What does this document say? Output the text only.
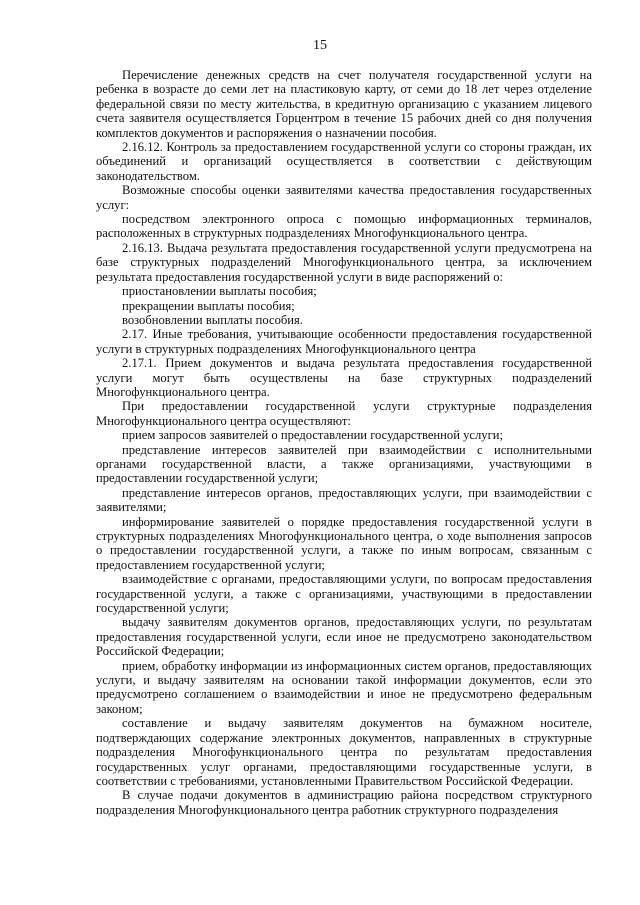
15

Перечисление денежных средств на счет получателя государственной услуги на ребенка в возрасте до семи лет на пластиковую карту, от семи до 18 лет через отделение федеральной связи по месту жительства, в кредитную организацию с указанием лицевого счета заявителя осуществляется Горцентром в течение 15 рабочих дней со дня получения комплектов документов и распоряжения о назначении пособия.

2.16.12. Контроль за предоставлением государственной услуги со стороны граждан, их объединений и организаций осуществляется в соответствии с действующим законодательством.

Возможные способы оценки заявителями качества предоставления государственных услуг:

посредством электронного опроса с помощью информационных терминалов, расположенных в структурных подразделениях Многофункционального центра.

2.16.13. Выдача результата предоставления государственной услуги предусмотрена на базе структурных подразделений Многофункционального центра, за исключением результата предоставления государственной услуги в виде распоряжений о:

приостановлении выплаты пособия;

прекращении выплаты пособия;

возобновлении выплаты пособия.

2.17. Иные требования, учитывающие особенности предоставления государственной услуги в структурных подразделениях Многофункционального центра

2.17.1. Прием документов и выдача результата предоставления государственной услуги могут быть осуществлены на базе структурных подразделений Многофункционального центра.

При предоставлении государственной услуги структурные подразделения Многофункционального центра осуществляют:

прием запросов заявителей о предоставлении государственной услуги;

представление интересов заявителей при взаимодействии с исполнительными органами государственной власти, а также организациями, участвующими в предоставлении государственной услуги;

представление интересов органов, предоставляющих услуги, при взаимодействии с заявителями;

информирование заявителей о порядке предоставления государственной услуги в структурных подразделениях Многофункционального центра, о ходе выполнения запросов о предоставлении государственной услуги, а также по иным вопросам, связанным с предоставлением государственной услуги;

взаимодействие с органами, предоставляющими услуги, по вопросам предоставления государственной услуги, а также с организациями, участвующими в предоставлении государственной услуги;

выдачу заявителям документов органов, предоставляющих услуги, по результатам предоставления государственной услуги, если иное не предусмотрено законодательством Российской Федерации;

прием, обработку информации из информационных систем органов, предоставляющих услуги, и выдачу заявителям на основании такой информации документов, если это предусмотрено соглашением о взаимодействии и иное не предусмотрено федеральным законом;

составление и выдачу заявителям документов на бумажном носителе, подтверждающих содержание электронных документов, направленных в структурные подразделения Многофункционального центра по результатам предоставления государственных услуг органами, предоставляющими государственные услуги, в соответствии с требованиями, установленными Правительством Российской Федерации.

В случае подачи документов в администрацию района посредством структурного подразделения Многофункционального центра работник структурного подразделения
